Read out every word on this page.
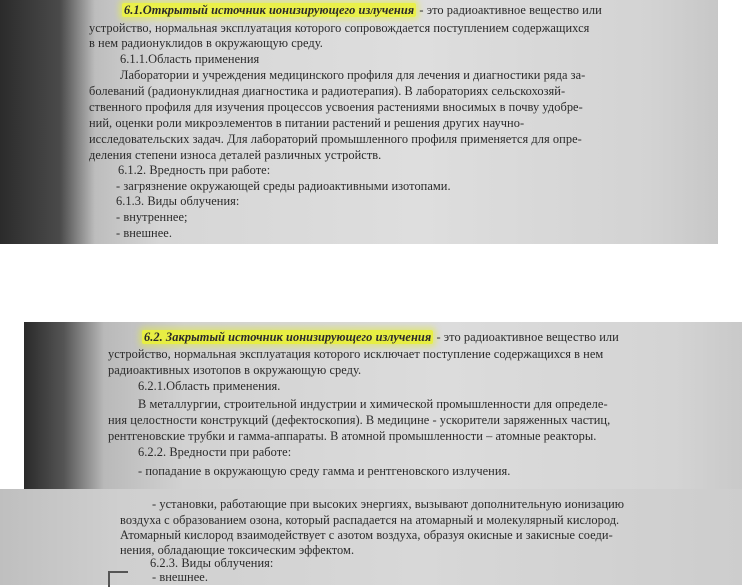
6.1.Открытый источник ионизирующего излучения - это радиоактивное вещество или
устройство, нормальная эксплуатация которого сопровождается поступлением содержащихся
в нем радионуклидов в окружающую среду.
6.1.1.Область применения
Лаборатории и учреждения медицинского профиля для лечения и диагностики ряда за-
болеваний (радионуклидная диагностика и радиотерапия). В лабораториях сельскохозяй-
ственного профиля для изучения процессов усвоения растениями вносимых в почву удобре-
ний, оценки роли микроэлементов в питании растений и решения других научно-
исследовательских задач. Для лабораторий промышленного профиля применяется для опре-
деления степени износа деталей различных устройств.
6.1.2. Вредность при работе:
- загрязнение окружающей среды радиоактивными изотопами.
6.1.3. Виды облучения:
- внутреннее;
- внешнее.
6.2. Закрытый источник ионизирующего излучения - это радиоактивное вещество или
устройство, нормальная эксплуатация которого исключает поступление содержащихся в нем
радиоактивных изотопов в окружающую среду.
6.2.1.Область применения.
В металлургии, строительной индустрии и химической промышленности для определе-
ния целостности конструкций (дефектоскопия). В медицине - ускорители заряженных частиц,
рентгеновские трубки и гамма-аппараты. В атомной промышленности – атомные реакторы.
6.2.2. Вредности при работе:
- попадание в окружающую среду гамма и рентгеновского излучения.
- установки, работающие при высоких энергиях, вызывают дополнительную ионизацию
воздуха с образованием озона, который распадается на атомарный и молекулярный кислород.
Атомарный кислород взаимодействует с азотом воздуха, образуя окисные и закисные соеди-
нения, обладающие токсическим эффектом.
6.2.3. Виды облучения:
- внешнее.
